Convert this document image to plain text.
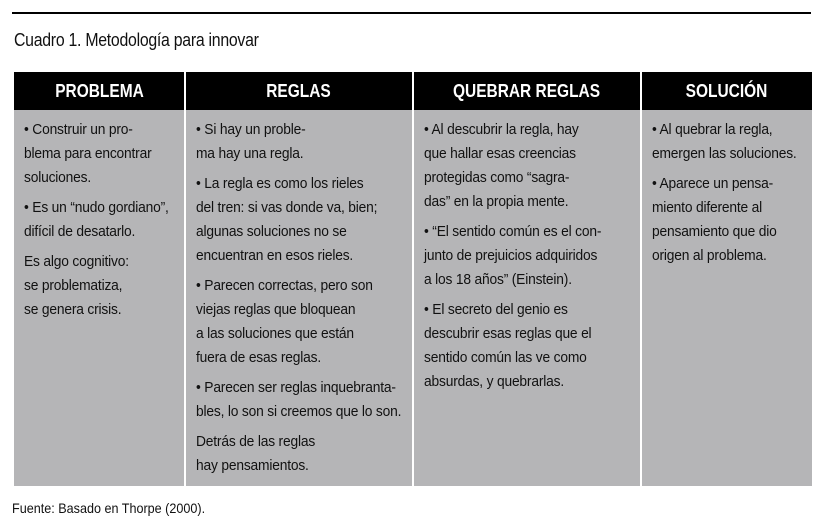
Cuadro 1. Metodología para innovar
PROBLEMA
• Construir un pro-
blema para encontrar
soluciones.
• Es un “nudo gordiano”,
difícil de desatarlo.
Es algo cognitivo:
se problematiza,
se genera crisis.
REGLAS
• Si hay un proble-
ma hay una regla.
• La regla es como los rieles
del tren: si vas donde va, bien;
algunas soluciones no se
encuentran en esos rieles.
• Parecen correctas, pero son
viejas reglas que bloquean
a las soluciones que están
fuera de esas reglas.
• Parecen ser reglas inquebranta-
bles, lo son si creemos que lo son.
Detrás de las reglas
hay pensamientos.
QUEBRAR REGLAS
• Al descubrir la regla, hay
que hallar esas creencias
protegidas como “sagra-
das” en la propia mente.
• “El sentido común es el con-
junto de prejuicios adquiridos
a los 18 años” (Einstein).
• El secreto del genio es
descubrir esas reglas que el
sentido común las ve como
absurdas, y quebrarlas.
SOLUCIÓN
• Al quebrar la regla,
emergen las soluciones.
• Aparece un pensa-
miento diferente al
pensamiento que dio
origen al problema.
Fuente: Basado en Thorpe (2000).
